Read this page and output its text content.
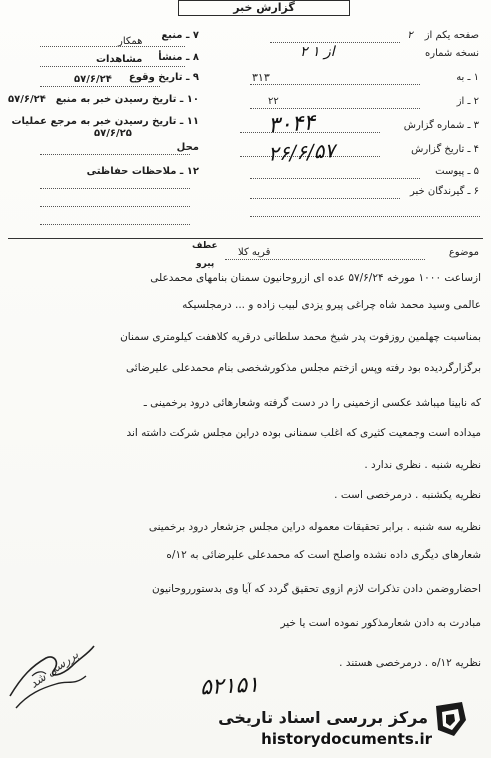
گزارش خبر
صفحه یکم از
۲
نسخه شماره
۲ از ۱
۱ ـ به
۳۱۳
۲ ـ از
۲۲
۳ ـ شماره گزارش
۴ ـ تاریخ گزارش
۵ ـ پیوست
۶ ـ گیرندگان خبر
۳۰۴۴
۲۶/۶/۵۷
۷ ـ منبع
همکار
۸ ـ منشأ
مشاهدات
۹ ـ تاریخ وقوع
۵۷/۶/۲۴
۱۰ ـ تاریخ رسیدن خبر به منبع
۵۷/۶/۲۴
۱۱ ـ تاریخ رسیدن خبر به مرجع عملیات
۵۷/۶/۲۵
محل
۱۲ ـ ملاحظات حفاظتی
موضوع
قریه کلا
عطف
پیرو
ازساعت ۱۰۰۰ مورخه ۵۷/۶/۲۴ عده ای ازروحانیون سمنان بنامهای محمدعلی
عالمی وسید محمد شاه چراغی پیرو یزدی لبیب زاده و ... درمجلسیکه
بمناسبت چهلمین روزفوت پدر شیخ محمد سلطانی درقریه کلاهفت کیلومتری سمنان
برگزارگردیده بود رفته وپس ازختم مجلس مذکورشخصی بنام محمدعلی علیرضائی
که نابینا میباشد عکسی ازخمینی را در دست گرفته وشعارهائی درود برخمینی ـ
میداده است وجمعیت کثیری که اغلب سمنانی بوده دراین مجلس شرکت داشته اند
نظریه شنبه . نظری ندارد .
نظریه یکشنبه . درمرخصی است .
نظریه سه شنبه . برابر تحقیقات معموله دراین مجلس جزشعار درود برخمینی
شعارهای دیگری داده نشده واصلح است که محمدعلی علیرضائی به ۱۲/ه
احضاروضمن دادن تذکرات لازم ازوی تحقیق گردد که آیا وی بدستورروحانیون
مبادرت به دادن شعارمذکور نموده است یا خیر
نظریه ۱۲/ه . درمرخصی هستند .
بررسی شد	۵۲۱۵۱
مرکز بررسی اسناد تاریخی
historydocuments.ir
